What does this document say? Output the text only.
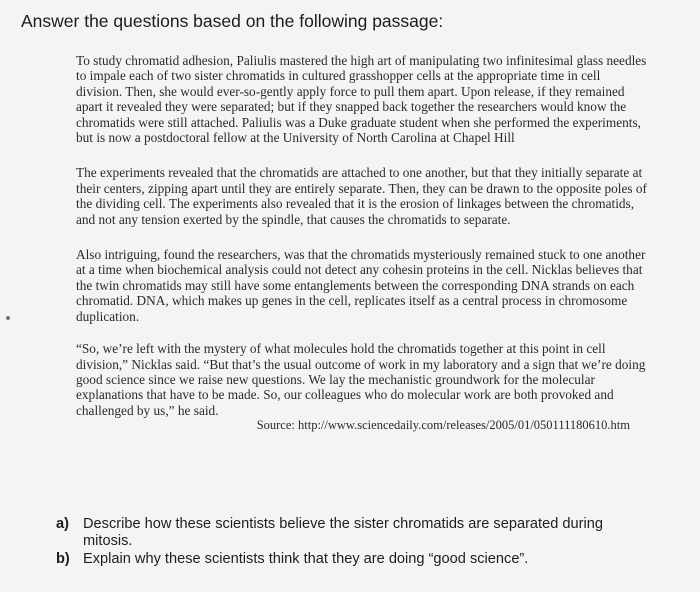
Answer the questions based on the following passage:

To study chromatid adhesion, Paliulis mastered the high art of manipulating two infinitesimal glass needles to impale each of two sister chromatids in cultured grasshopper cells at the appropriate time in cell division. Then, she would ever-so-gently apply force to pull them apart. Upon release, if they remained apart it revealed they were separated; but if they snapped back together the researchers would know the chromatids were still attached. Paliulis was a Duke graduate student when she performed the experiments, but is now a postdoctoral fellow at the University of North Carolina at Chapel Hill

The experiments revealed that the chromatids are attached to one another, but that they initially separate at their centers, zipping apart until they are entirely separate. Then, they can be drawn to the opposite poles of the dividing cell. The experiments also revealed that it is the erosion of linkages between the chromatids, and not any tension exerted by the spindle, that causes the chromatids to separate.

Also intriguing, found the researchers, was that the chromatids mysteriously remained stuck to one another at a time when biochemical analysis could not detect any cohesin proteins in the cell. Nicklas believes that the twin chromatids may still have some entanglements between the corresponding DNA strands on each chromatid. DNA, which makes up genes in the cell, replicates itself as a central process in chromosome duplication.

“So, we’re left with the mystery of what molecules hold the chromatids together at this point in cell division,” Nicklas said. “But that’s the usual outcome of work in my laboratory and a sign that we’re doing good science since we raise new questions. We lay the mechanistic groundwork for the molecular explanations that have to be made. So, our colleagues who do molecular work are both provoked and challenged by us,” he said.

Source: http://www.sciencedaily.com/releases/2005/01/050111180610.htm
a) Describe how these scientists believe the sister chromatids are separated during mitosis.
b) Explain why these scientists think that they are doing “good science”.
